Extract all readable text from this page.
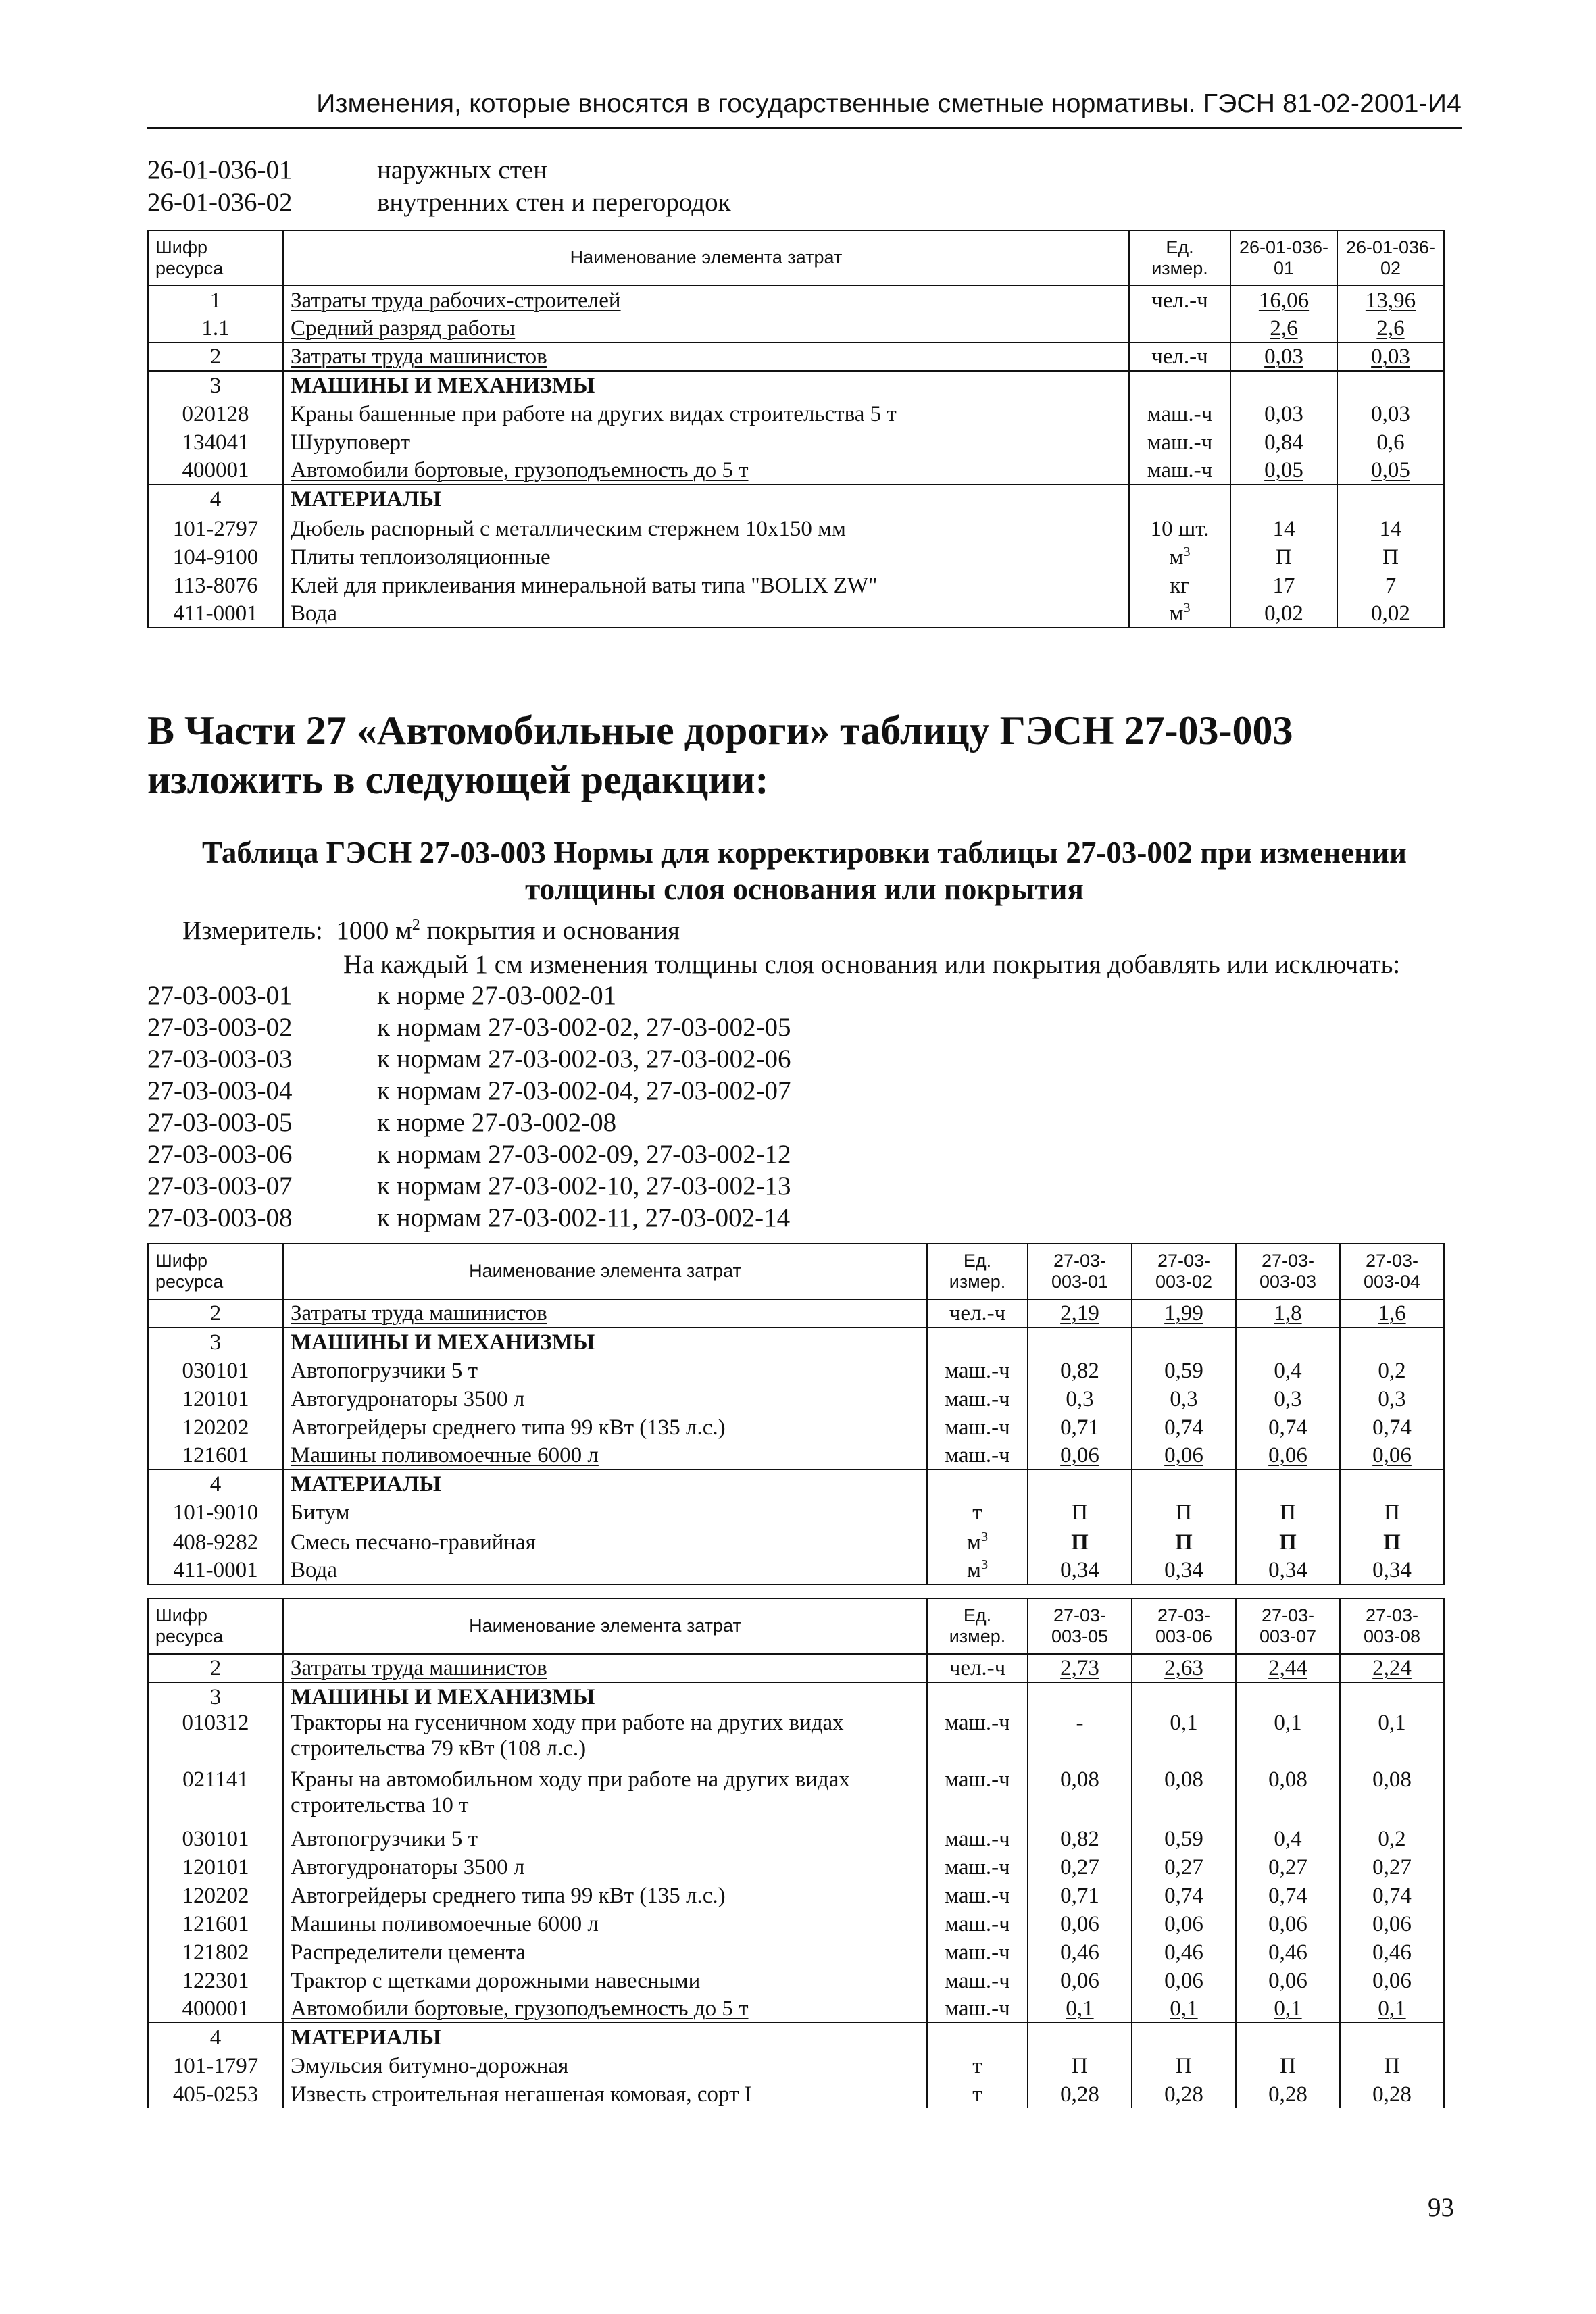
Изменения, которые вносятся в государственные сметные нормативы. ГЭСН 81-02-2001-И4
26-01-036-01	наружных стен
26-01-036-02	внутренних стен и перегородок
Шифр ресурса	Наименование элемента затрат	Ед. измер.	26-01-036-01	26-01-036-02
1	Затраты труда рабочих-строителей	чел.-ч	16,06	13,96
1.1	Средний разряд работы		2,6	2,6
2	Затраты труда машинистов	чел.-ч	0,03	0,03
3	МАШИНЫ И МЕХАНИЗМЫ			
020128	Краны башенные при работе на других видах строительства 5 т	маш.-ч	0,03	0,03
134041	Шуруповерт	маш.-ч	0,84	0,6
400001	Автомобили бортовые, грузоподъемность до 5 т	маш.-ч	0,05	0,05
4	МАТЕРИАЛЫ			
101-2797	Дюбель распорный с металлическим стержнем 10х150 мм	10 шт.	14	14
104-9100	Плиты теплоизоляционные	$м^3$	П	П
113-8076	Клей для приклеивания минеральной ваты типа "BOLIX ZW"	кг	17	7
411-0001	Вода	$м^3$	0,02	0,02
В Части 27 «Автомобильные дороги» таблицу ГЭСН 27-03-003 изложить в следующей редакции:
Таблица ГЭСН 27-03-003 Нормы для корректировки таблицы 27-03-002 при изменении толщины слоя основания или покрытия
Измеритель: 1000 $м^2$ покрытия и основания
На каждый 1 см изменения толщины слоя основания или покрытия добавлять или исключать:
27-03-003-01	к норме 27-03-002-01
27-03-003-02	к нормам 27-03-002-02, 27-03-002-05
27-03-003-03	к нормам 27-03-002-03, 27-03-002-06
27-03-003-04	к нормам 27-03-002-04, 27-03-002-07
27-03-003-05	к норме 27-03-002-08
27-03-003-06	к нормам 27-03-002-09, 27-03-002-12
27-03-003-07	к нормам 27-03-002-10, 27-03-002-13
27-03-003-08	к нормам 27-03-002-11, 27-03-002-14
Шифр ресурса	Наименование элемента затрат	Ед. измер.	27-03-003-01	27-03-003-02	27-03-003-03	27-03-003-04
2	Затраты труда машинистов	чел.-ч	2,19	1,99	1,8	1,6
3	МАШИНЫ И МЕХАНИЗМЫ					
030101	Автопогрузчики 5 т	маш.-ч	0,82	0,59	0,4	0,2
120101	Автогудронаторы 3500 л	маш.-ч	0,3	0,3	0,3	0,3
120202	Автогрейдеры среднего типа 99 кВт (135 л.с.)	маш.-ч	0,71	0,74	0,74	0,74
121601	Машины поливомоечные 6000 л	маш.-ч	0,06	0,06	0,06	0,06
4	МАТЕРИАЛЫ					
101-9010	Битум	т	П	П	П	П
408-9282	Смесь песчано-гравийная	$м^3$	П	П	П	П
411-0001	Вода	$м^3$	0,34	0,34	0,34	0,34
Шифр ресурса	Наименование элемента затрат	Ед. измер.	27-03-003-05	27-03-003-06	27-03-003-07	27-03-003-08
2	Затраты труда машинистов	чел.-ч	2,73	2,63	2,44	2,24
3	МАШИНЫ И МЕХАНИЗМЫ					
010312	Тракторы на гусеничном ходу при работе на других видах строительства 79 кВт (108 л.с.)	маш.-ч	-	0,1	0,1	0,1
021141	Краны на автомобильном ходу при работе на других видах строительства 10 т	маш.-ч	0,08	0,08	0,08	0,08
030101	Автопогрузчики 5 т	маш.-ч	0,82	0,59	0,4	0,2
120101	Автогудронаторы 3500 л	маш.-ч	0,27	0,27	0,27	0,27
120202	Автогрейдеры среднего типа 99 кВт (135 л.с.)	маш.-ч	0,71	0,74	0,74	0,74
121601	Машины поливомоечные 6000 л	маш.-ч	0,06	0,06	0,06	0,06
121802	Распределители цемента	маш.-ч	0,46	0,46	0,46	0,46
122301	Трактор с щетками дорожными навесными	маш.-ч	0,06	0,06	0,06	0,06
400001	Автомобили бортовые, грузоподъемность до 5 т	маш.-ч	0,1	0,1	0,1	0,1
4	МАТЕРИАЛЫ					
101-1797	Эмульсия битумно-дорожная	т	П	П	П	П
405-0253	Известь строительная негашеная комовая, сорт I	т	0,28	0,28	0,28	0,28
93
